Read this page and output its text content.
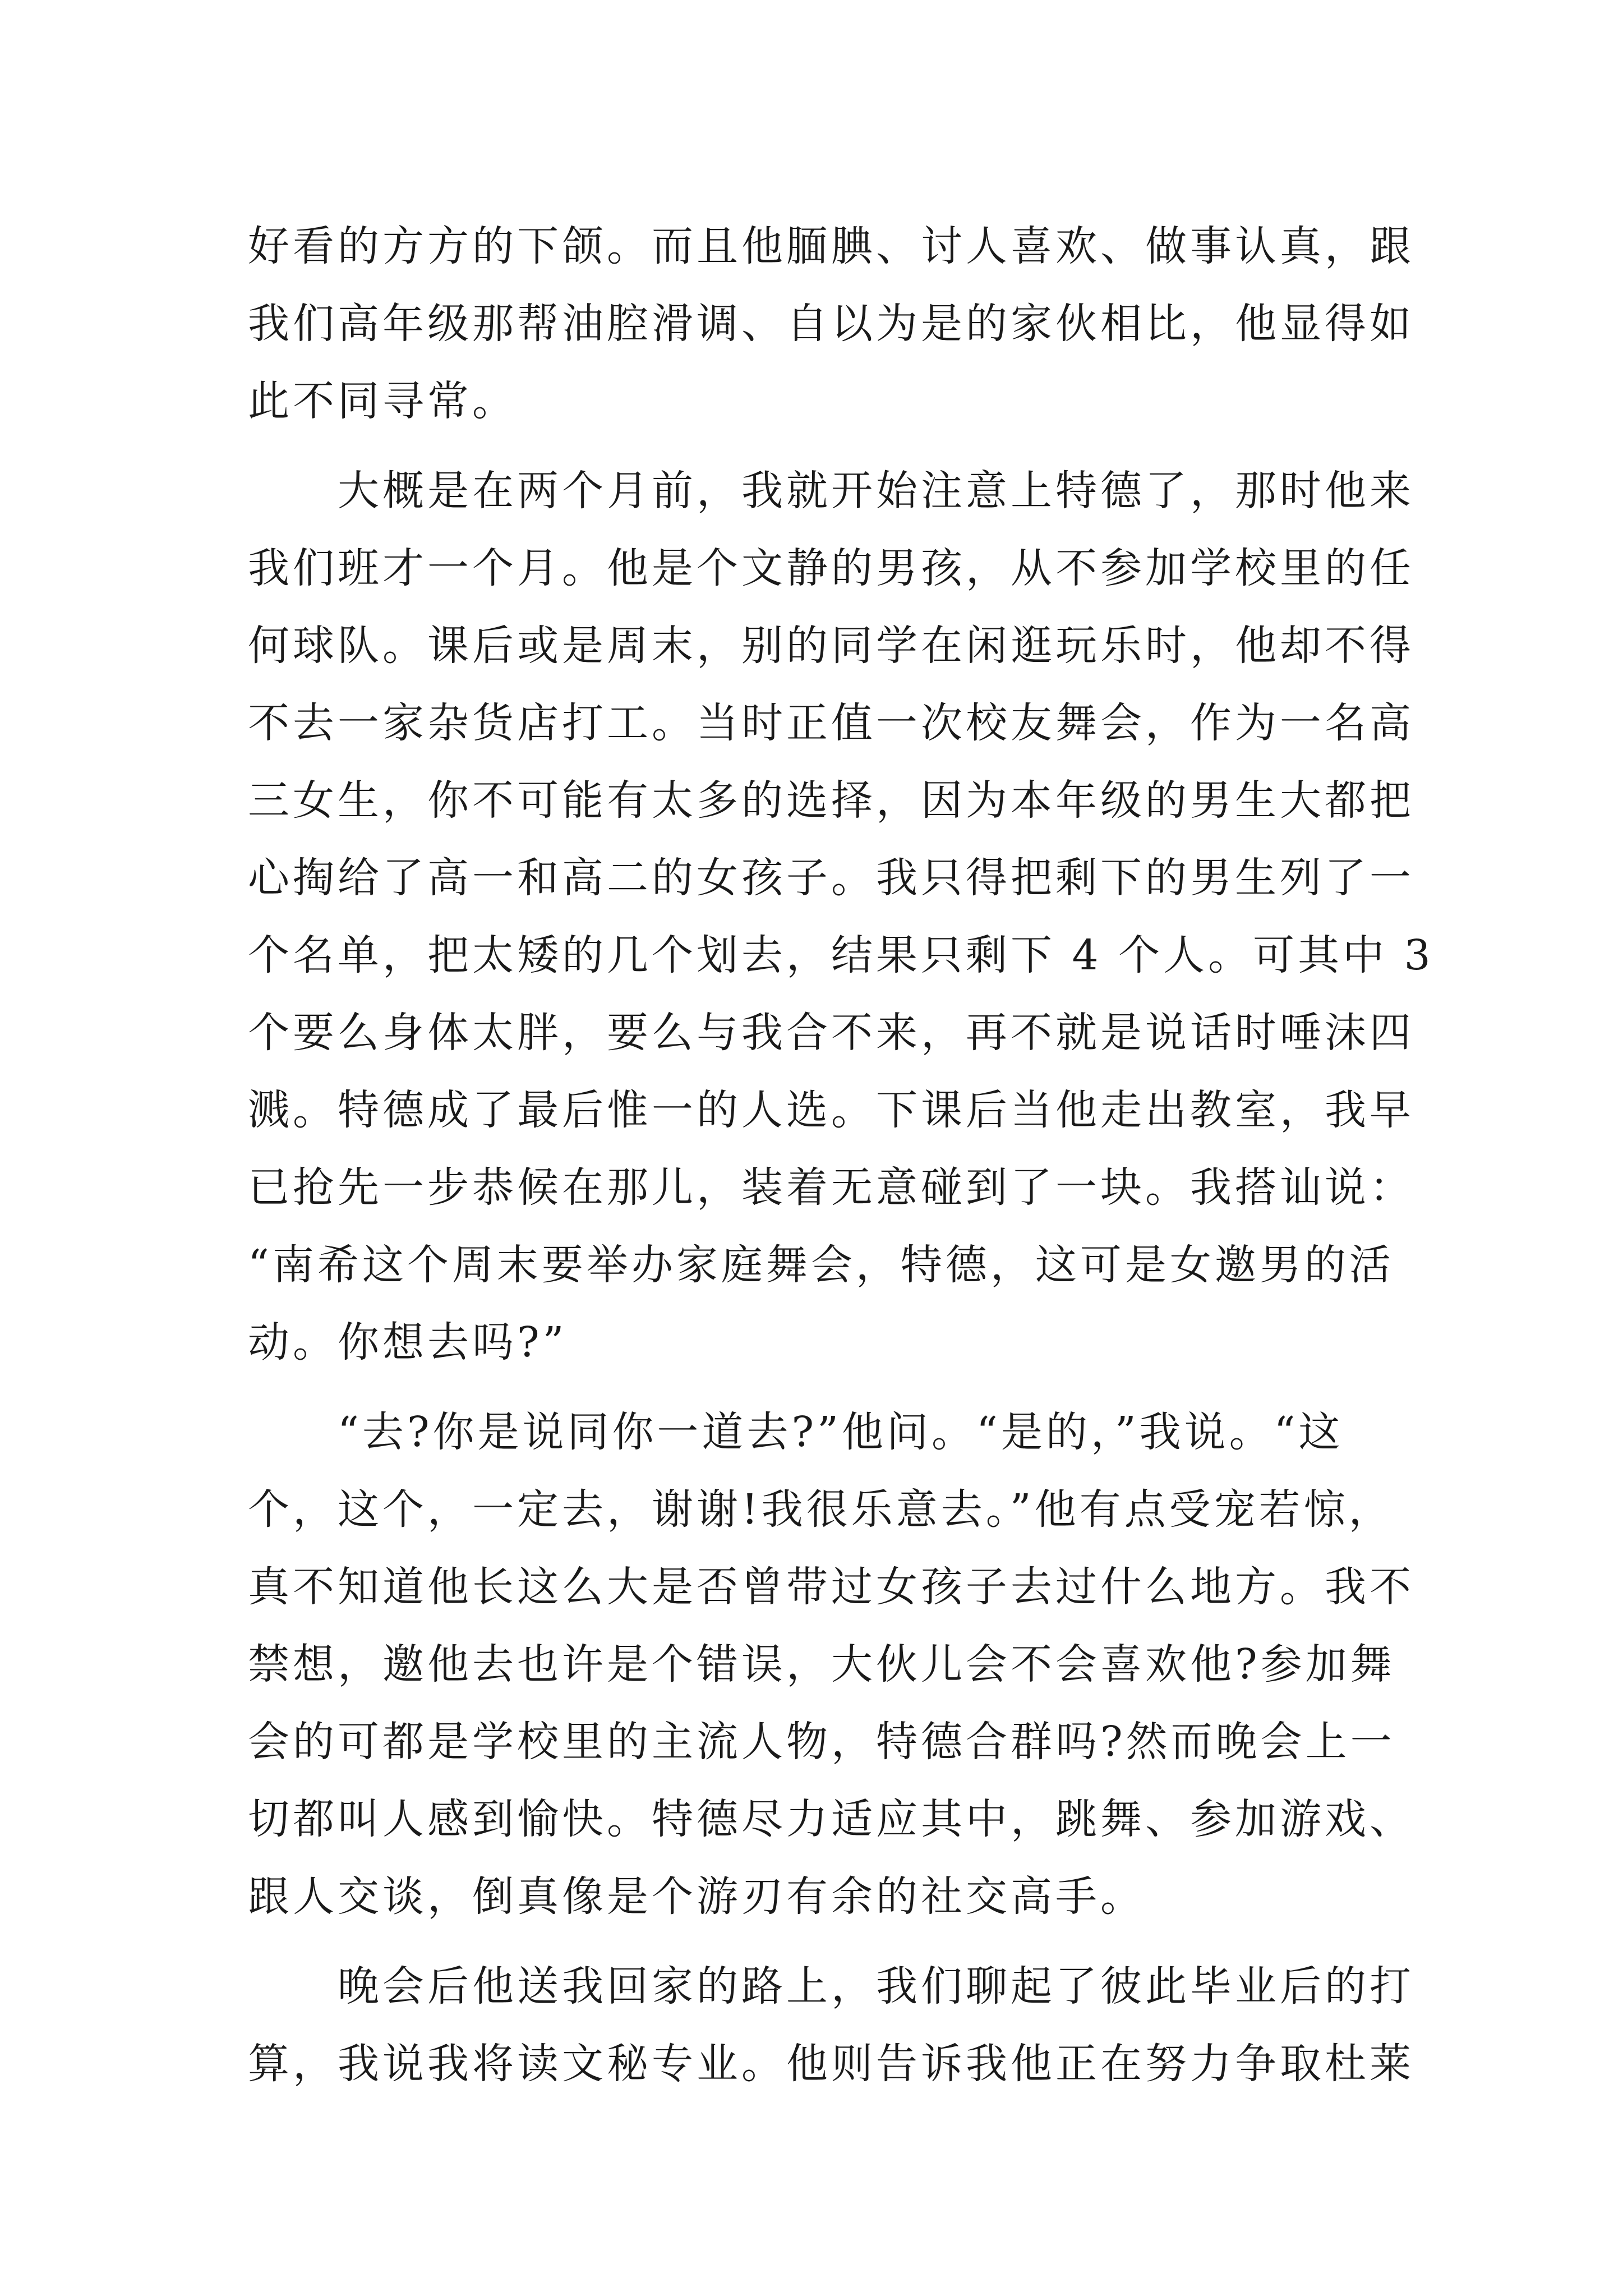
好看的方方的下颌。而且他腼腆、讨人喜欢、做事认真，跟
我们高年级那帮油腔滑调、自以为是的家伙相比，他显得如
此不同寻常。
　　大概是在两个月前，我就开始注意上特德了，那时他来
我们班才一个月。他是个文静的男孩，从不参加学校里的任
何球队。课后或是周末，别的同学在闲逛玩乐时，他却不得
不去一家杂货店打工。当时正值一次校友舞会，作为一名高
三女生，你不可能有太多的选择，因为本年级的男生大都把
心掏给了高一和高二的女孩子。我只得把剩下的男生列了一
个名单，把太矮的几个划去，结果只剩下 4 个人。可其中 3
个要么身体太胖，要么与我合不来，再不就是说话时唾沫四
溅。特德成了最后惟一的人选。下课后当他走出教室，我早
已抢先一步恭候在那儿，装着无意碰到了一块。我搭讪说：
“南希这个周末要举办家庭舞会，特德，这可是女邀男的活
动。你想去吗?”
　　“去?你是说同你一道去?”他问。“是的，”我说。“这
个，这个，一定去，谢谢!我很乐意去。”他有点受宠若惊，
真不知道他长这么大是否曾带过女孩子去过什么地方。我不
禁想，邀他去也许是个错误，大伙儿会不会喜欢他?参加舞
会的可都是学校里的主流人物，特德合群吗?然而晚会上一
切都叫人感到愉快。特德尽力适应其中，跳舞、参加游戏、
跟人交谈，倒真像是个游刃有余的社交高手。
　　晚会后他送我回家的路上，我们聊起了彼此毕业后的打
算，我说我将读文秘专业。他则告诉我他正在努力争取杜莱
